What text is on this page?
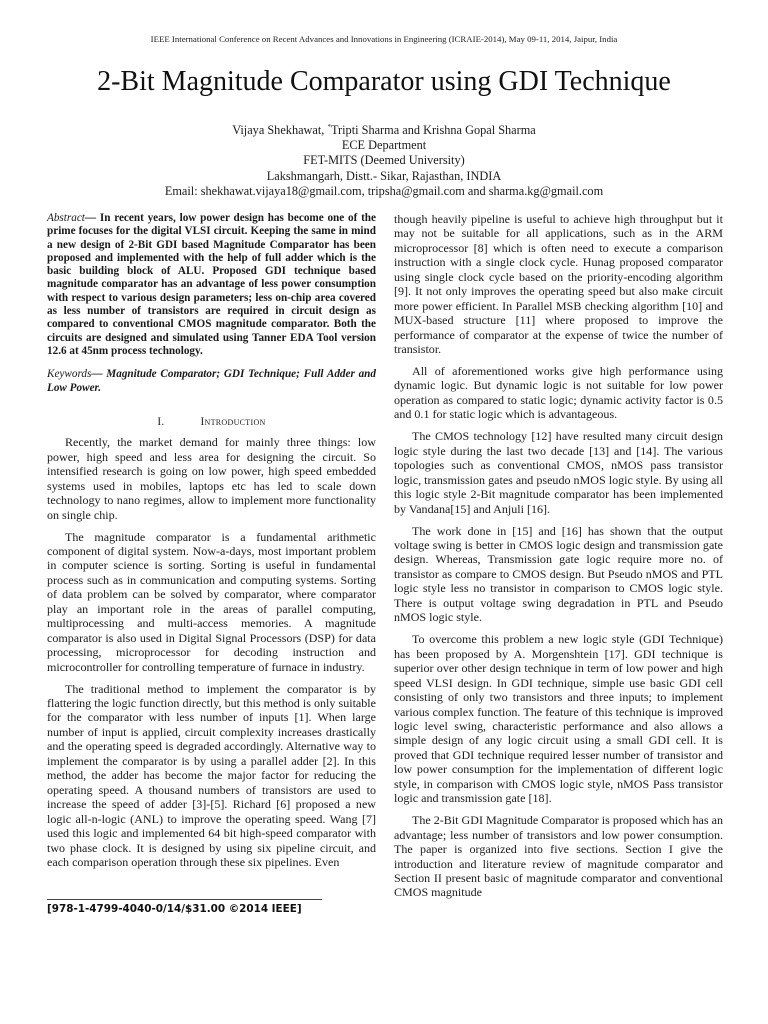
IEEE International Conference on Recent Advances and Innovations in Engineering (ICRAIE-2014), May 09-11, 2014, Jaipur, India
2-Bit Magnitude Comparator using GDI Technique
Vijaya Shekhawat, *Tripti Sharma and Krishna Gopal Sharma
ECE Department
FET-MITS (Deemed University)
Lakshmangarh, Distt.- Sikar, Rajasthan, INDIA
Email: shekhawat.vijaya18@gmail.com, tripsha@gmail.com and sharma.kg@gmail.com

Abstract— In recent years, low power design has become one of the prime focuses for the digital VLSI circuit. Keeping the same in mind a new design of 2-Bit GDI based Magnitude Comparator has been proposed and implemented with the help of full adder which is the basic building block of ALU. Proposed GDI technique based magnitude comparator has an advantage of less power consumption with respect to various design parameters; less on-chip area covered as less number of transistors are required in circuit design as compared to conventional CMOS magnitude comparator. Both the circuits are designed and simulated using Tanner EDA Tool version 12.6 at 45nm process technology.

Keywords— Magnitude Comparator; GDI Technique; Full Adder and Low Power.

I.	Introduction

Recently, the market demand for mainly three things: low power, high speed and less area for designing the circuit. So intensified research is going on low power, high speed embedded systems used in mobiles, laptops etc has led to scale down technology to nano regimes, allow to implement more functionality on single chip.

The magnitude comparator is a fundamental arithmetic component of digital system. Now-a-days, most important problem in computer science is sorting. Sorting is useful in fundamental process such as in communication and computing systems. Sorting of data problem can be solved by comparator, where comparator play an important role in the areas of parallel computing, multiprocessing and multi-access memories. A magnitude comparator is also used in Digital Signal Processors (DSP) for data processing, microprocessor for decoding instruction and microcontroller for controlling temperature of furnace in industry.

The traditional method to implement the comparator is by flattering the logic function directly, but this method is only suitable for the comparator with less number of inputs [1]. When large number of input is applied, circuit complexity increases drastically and the operating speed is degraded accordingly. Alternative way to implement the comparator is by using a parallel adder [2]. In this method, the adder has become the major factor for reducing the operating speed. A thousand numbers of transistors are used to increase the speed of adder [3]-[5]. Richard [6] proposed a new logic all-n-logic (ANL) to improve the operating speed. Wang [7] used this logic and implemented 64 bit high-speed comparator with two phase clock. It is designed by using six pipeline circuit, and each comparison operation through these six pipelines. Even

though heavily pipeline is useful to achieve high throughput but it may not be suitable for all applications, such as in the ARM microprocessor [8] which is often need to execute a comparison instruction with a single clock cycle. Hunag proposed comparator using single clock cycle based on the priority-encoding algorithm [9]. It not only improves the operating speed but also make circuit more power efficient. In Parallel MSB checking algorithm [10] and MUX-based structure [11] where proposed to improve the performance of comparator at the expense of twice the number of transistor.

All of aforementioned works give high performance using dynamic logic. But dynamic logic is not suitable for low power operation as compared to static logic; dynamic activity factor is 0.5 and 0.1 for static logic which is advantageous.

The CMOS technology [12] have resulted many circuit design logic style during the last two decade [13] and [14]. The various topologies such as conventional CMOS, nMOS pass transistor logic, transmission gates and pseudo nMOS logic style. By using all this logic style 2-Bit magnitude comparator has been implemented by Vandana[15] and Anjuli [16].

The work done in [15] and [16] has shown that the output voltage swing is better in CMOS logic design and transmission gate design. Whereas, Transmission gate logic require more no. of transistor as compare to CMOS design. But Pseudo nMOS and PTL logic style less no transistor in comparison to CMOS logic style. There is output voltage swing degradation in PTL and Pseudo nMOS logic style.

To overcome this problem a new logic style (GDI Technique) has been proposed by A. Morgenshtein [17]. GDI technique is superior over other design technique in term of low power and high speed VLSI design. In GDI technique, simple use basic GDI cell consisting of only two transistors and three inputs; to implement various complex function. The feature of this technique is improved logic level swing, characteristic performance and also allows a simple design of any logic circuit using a small GDI cell. It is proved that GDI technique required lesser number of transistor and low power consumption for the implementation of different logic style, in comparison with CMOS logic style, nMOS Pass transistor logic and transmission gate [18].

The 2-Bit GDI Magnitude Comparator is proposed which has an advantage; less number of transistors and low power consumption. The paper is organized into five sections. Section I give the introduction and literature review of magnitude comparator and Section II present basic of magnitude comparator and conventional CMOS magnitude

[978-1-4799-4040-0/14/$31.00 ©2014 IEEE]
